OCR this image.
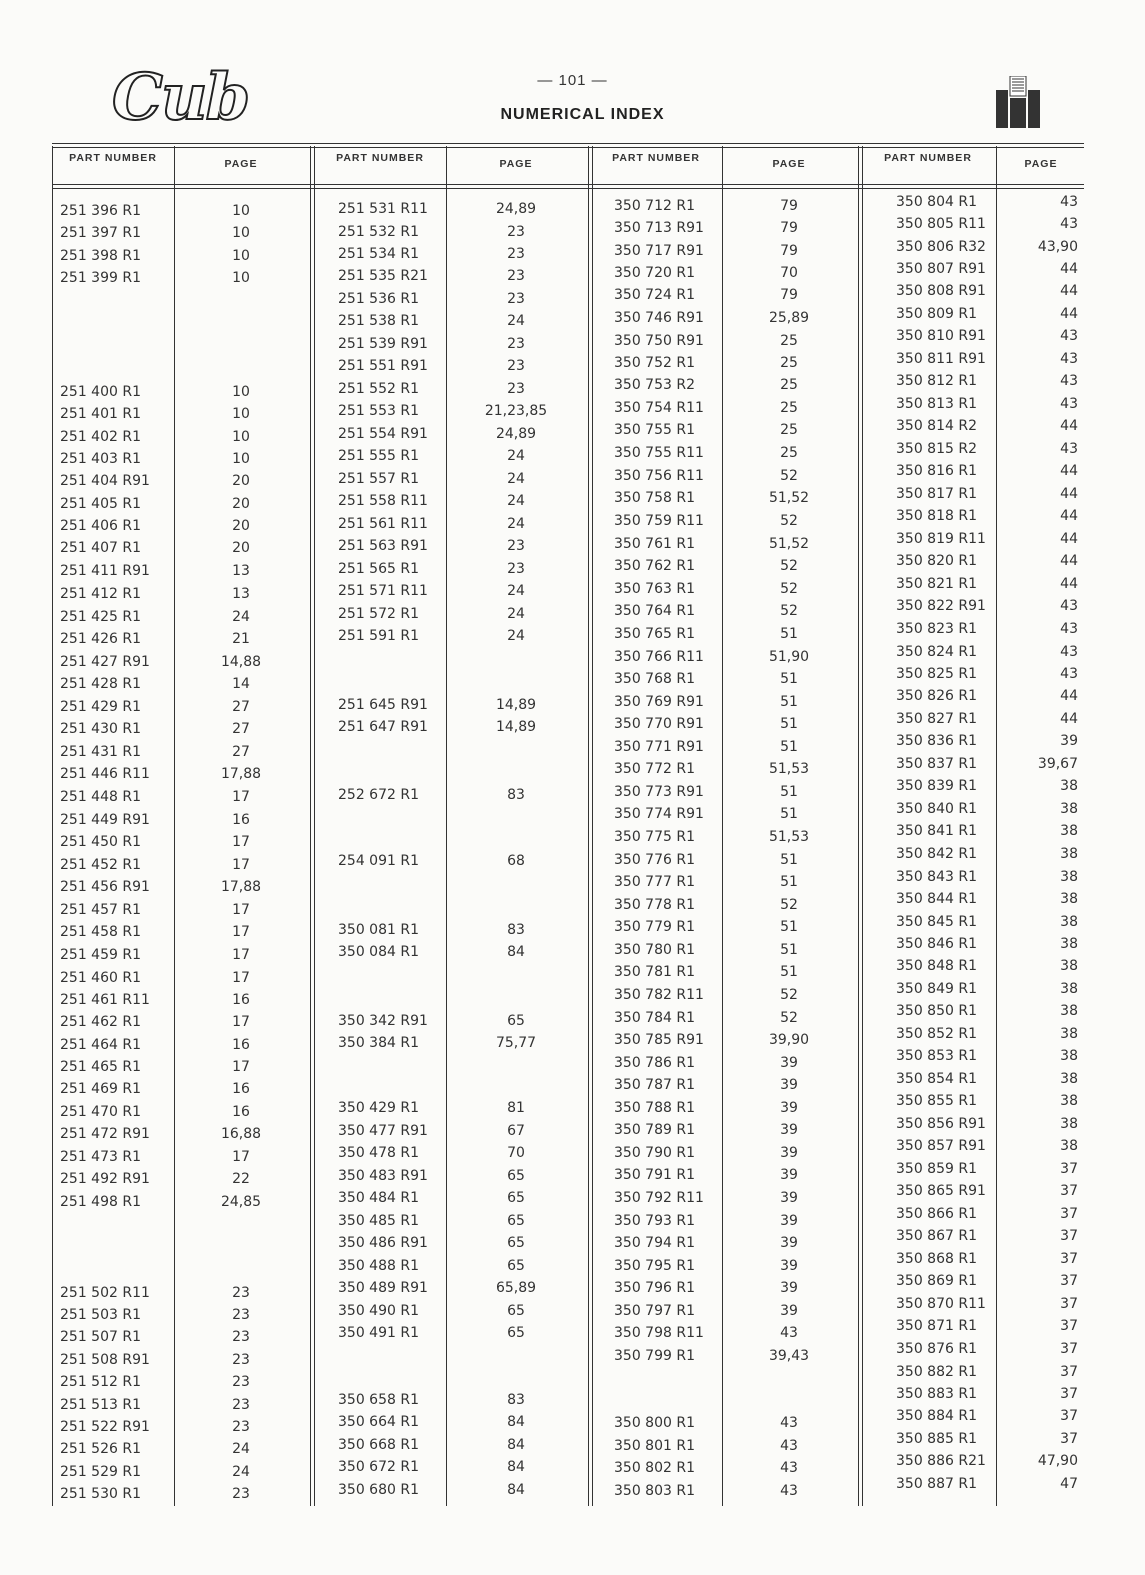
Cub	— 101 —
NUMERICAL INDEX
PART NUMBER	PAGE	PART NUMBER	PAGE	PART NUMBER	PAGE	PART NUMBER	PAGE
251 396 R1	10
251 397 R1	10
251 398 R1	10
251 399 R1	10
251 400 R1	10
251 401 R1	10
251 402 R1	10
251 403 R1	10
251 404 R91	20
251 405 R1	20
251 406 R1	20
251 407 R1	20
251 411 R91	13
251 412 R1	13
251 425 R1	24
251 426 R1	21
251 427 R91	14,88
251 428 R1	14
251 429 R1	27
251 430 R1	27
251 431 R1	27
251 446 R11	17,88
251 448 R1	17
251 449 R91	16
251 450 R1	17
251 452 R1	17
251 456 R91	17,88
251 457 R1	17
251 458 R1	17
251 459 R1	17
251 460 R1	17
251 461 R11	16
251 462 R1	17
251 464 R1	16
251 465 R1	17
251 469 R1	16
251 470 R1	16
251 472 R91	16,88
251 473 R1	17
251 492 R91	22
251 498 R1	24,85
251 502 R11	23
251 503 R1	23
251 507 R1	23
251 508 R91	23
251 512 R1	23
251 513 R1	23
251 522 R91	23
251 526 R1	24
251 529 R1	24
251 530 R1	23
251 531 R11	24,89
251 532 R1	23
251 534 R1	23
251 535 R21	23
251 536 R1	23
251 538 R1	24
251 539 R91	23
251 551 R91	23
251 552 R1	23
251 553 R1	21,23,85
251 554 R91	24,89
251 555 R1	24
251 557 R1	24
251 558 R11	24
251 561 R11	24
251 563 R91	23
251 565 R1	23
251 571 R11	24
251 572 R1	24
251 591 R1	24
251 645 R91	14,89
251 647 R91	14,89
252 672 R1	83
254 091 R1	68
350 081 R1	83
350 084 R1	84
350 342 R91	65
350 384 R1	75,77
350 429 R1	81
350 477 R91	67
350 478 R1	70
350 483 R91	65
350 484 R1	65
350 485 R1	65
350 486 R91	65
350 488 R1	65
350 489 R91	65,89
350 490 R1	65
350 491 R1	65
350 658 R1	83
350 664 R1	84
350 668 R1	84
350 672 R1	84
350 680 R1	84
350 712 R1	79
350 713 R91	79
350 717 R91	79
350 720 R1	70
350 724 R1	79
350 746 R91	25,89
350 750 R91	25
350 752 R1	25
350 753 R2	25
350 754 R11	25
350 755 R1	25
350 755 R11	25
350 756 R11	52
350 758 R1	51,52
350 759 R11	52
350 761 R1	51,52
350 762 R1	52
350 763 R1	52
350 764 R1	52
350 765 R1	51
350 766 R11	51,90
350 768 R1	51
350 769 R91	51
350 770 R91	51
350 771 R91	51
350 772 R1	51,53
350 773 R91	51
350 774 R91	51
350 775 R1	51,53
350 776 R1	51
350 777 R1	51
350 778 R1	52
350 779 R1	51
350 780 R1	51
350 781 R1	51
350 782 R11	52
350 784 R1	52
350 785 R91	39,90
350 786 R1	39
350 787 R1	39
350 788 R1	39
350 789 R1	39
350 790 R1	39
350 791 R1	39
350 792 R11	39
350 793 R1	39
350 794 R1	39
350 795 R1	39
350 796 R1	39
350 797 R1	39
350 798 R11	43
350 799 R1	39,43
350 800 R1	43
350 801 R1	43
350 802 R1	43
350 803 R1	43
350 804 R1	43
350 805 R11	43
350 806 R32	43,90
350 807 R91	44
350 808 R91	44
350 809 R1	44
350 810 R91	43
350 811 R91	43
350 812 R1	43
350 813 R1	43
350 814 R2	44
350 815 R2	43
350 816 R1	44
350 817 R1	44
350 818 R1	44
350 819 R11	44
350 820 R1	44
350 821 R1	44
350 822 R91	43
350 823 R1	43
350 824 R1	43
350 825 R1	43
350 826 R1	44
350 827 R1	44
350 836 R1	39
350 837 R1	39,67
350 839 R1	38
350 840 R1	38
350 841 R1	38
350 842 R1	38
350 843 R1	38
350 844 R1	38
350 845 R1	38
350 846 R1	38
350 848 R1	38
350 849 R1	38
350 850 R1	38
350 852 R1	38
350 853 R1	38
350 854 R1	38
350 855 R1	38
350 856 R91	38
350 857 R91	38
350 859 R1	37
350 865 R91	37
350 866 R1	37
350 867 R1	37
350 868 R1	37
350 869 R1	37
350 870 R11	37
350 871 R1	37
350 876 R1	37
350 882 R1	37
350 883 R1	37
350 884 R1	37
350 885 R1	37
350 886 R21	47,90
350 887 R1	47
